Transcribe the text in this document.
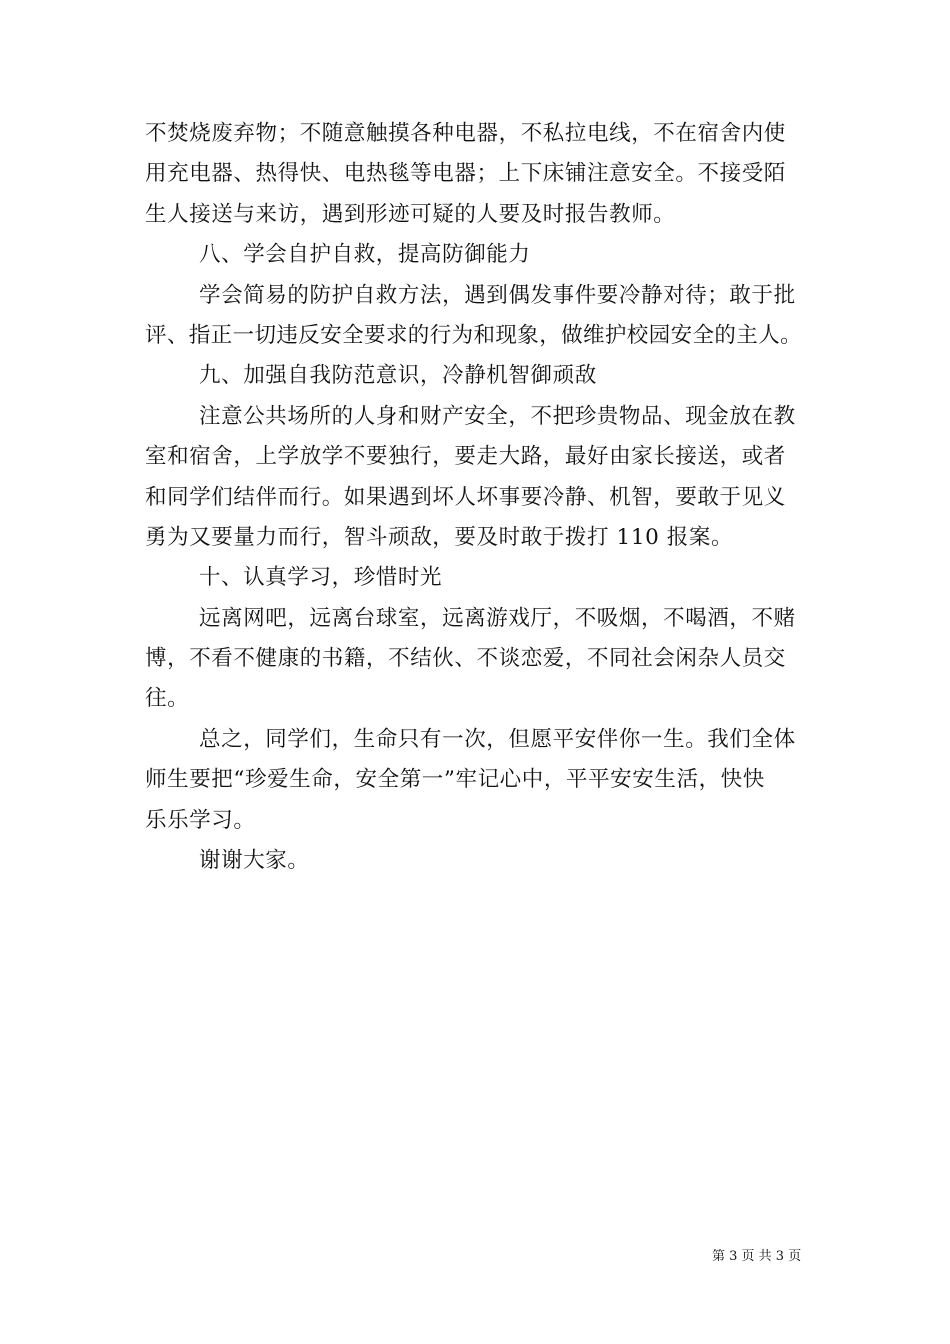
不焚烧废弃物；不随意触摸各种电器，不私拉电线，不在宿舍内使
用充电器、热得快、电热毯等电器；上下床铺注意安全。不接受陌
生人接送与来访，遇到形迹可疑的人要及时报告教师。
八、学会自护自救，提高防御能力
学会简易的防护自救方法，遇到偶发事件要冷静对待；敢于批
评、指正一切违反安全要求的行为和现象，做维护校园安全的主人。
九、加强自我防范意识，冷静机智御顽敌
注意公共场所的人身和财产安全，不把珍贵物品、现金放在教
室和宿舍，上学放学不要独行，要走大路，最好由家长接送，或者
和同学们结伴而行。如果遇到坏人坏事要冷静、机智，要敢于见义
勇为又要量力而行，智斗顽敌，要及时敢于拨打 110 报案。
十、认真学习，珍惜时光
远离网吧，远离台球室，远离游戏厅，不吸烟，不喝酒，不赌
博，不看不健康的书籍，不结伙、不谈恋爱，不同社会闲杂人员交
往。
总之，同学们，生命只有一次，但愿平安伴你一生。我们全体
师生要把“珍爱生命，安全第一”牢记心中，平平安安生活，快快
乐乐学习。
谢谢大家。
第 3 页 共 3 页
